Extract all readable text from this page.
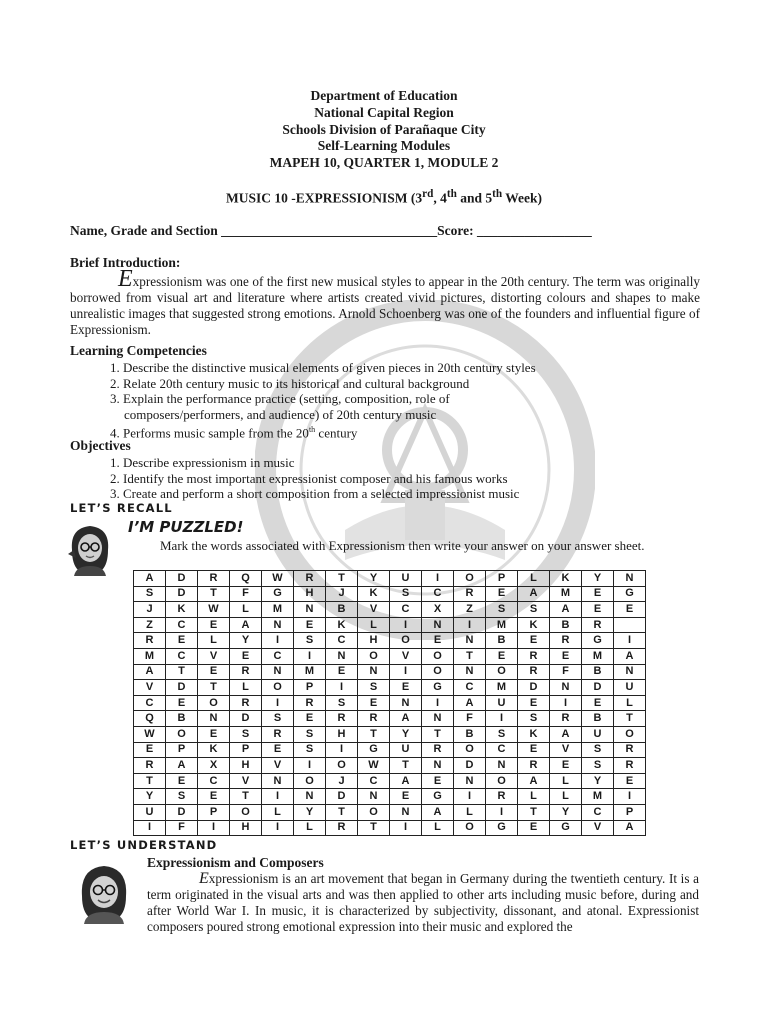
Department of Education
National Capital Region
Schools Division of Parañaque City
Self-Learning Modules
MAPEH 10, QUARTER 1, MODULE 2
MUSIC 10 -EXPRESSIONISM (3rd, 4th and 5th Week)
Name, Grade and Section ________________________________Score: _________________
Brief Introduction:
Expressionism was one of the first new musical styles to appear in the 20th century. The term was originally borrowed from visual art and literature where artists created vivid pictures, distorting colours and shapes to make unrealistic images that suggested strong emotions. Arnold Schoenberg was one of the founders and influential figure of Expressionism.
Learning Competencies
1. Describe the distinctive musical elements of given pieces in 20th century styles
2. Relate 20th century music to its historical and cultural background
3. Explain the performance practice (setting, composition, role of
composers/performers, and audience) of 20th century music
4. Performs music sample from the 20th century
Objectives
1. Describe expressionism in music
2. Identify the most important expressionist composer and his famous works
3. Create and perform a short composition from a selected impressionist music
LET’S RECALL
I’M PUZZLED!
Mark the words associated with Expressionism then write your answer on your answer sheet.
A	D	R	Q	W	R	T	Y	U	I	O	P	L	K	Y	N
S	D	T	F	G	H	J	K	S	C	R	E	A	M	E	G
J	K	W	L	M	N	B	V	C	X	Z	S	S	A	E	E
Z	C	E	A	N	E	K	L	I	N	I	M	K	B	R	
R	E	L	Y	I	S	C	H	O	E	N	B	E	R	G	I
M	C	V	E	C	I	N	O	V	O	T	E	R	E	M	A
A	T	E	R	N	M	E	N	I	O	N	O	R	F	B	N
V	D	T	L	O	P	I	S	E	G	C	M	D	N	D	U
C	E	O	R	I	R	S	E	N	I	A	U	E	I	E	L
Q	B	N	D	S	E	R	R	A	N	F	I	S	R	B	T
W	O	E	S	R	S	H	T	Y	T	B	S	K	A	U	O
E	P	K	P	E	S	I	G	U	R	O	C	E	V	S	R
R	A	X	H	V	I	O	W	T	N	D	N	R	E	S	R
T	E	C	V	N	O	J	C	A	E	N	O	A	L	Y	E
Y	S	E	T	I	N	D	N	E	G	I	R	L	L	M	I
U	D	P	O	L	Y	T	O	N	A	L	I	T	Y	C	P
I	F	I	H	I	L	R	T	I	L	O	G	E	G	V	A
LET’S UNDERSTAND
Expressionism and Composers
Expressionism is an art movement that began in Germany during the twentieth century. It is a term originated in the visual arts and was then applied to other arts including music before, during and after World War I. In music, it is characterized by subjectivity, dissonant, and atonal. Expressionist composers poured strong emotional expression into their music and explored the
